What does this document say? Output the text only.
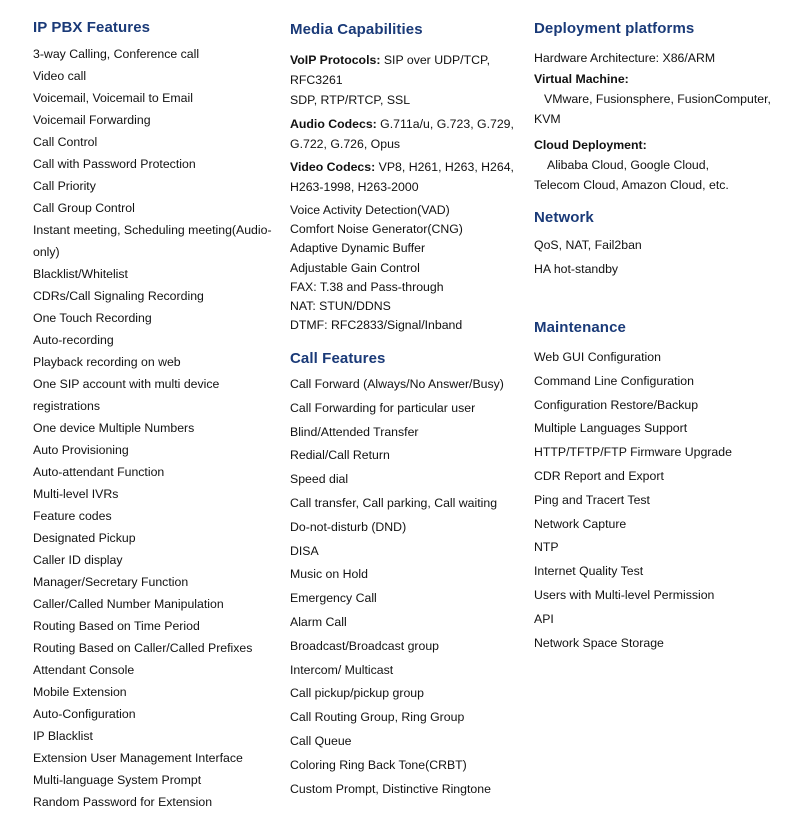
IP PBX Features
3-way Calling, Conference call
Video call
Voicemail, Voicemail to Email
Voicemail Forwarding
Call Control
Call with Password Protection
Call Priority
Call Group Control
Instant meeting, Scheduling meeting(Audio-
only)
Blacklist/Whitelist
CDRs/Call Signaling Recording
One Touch Recording
Auto-recording
Playback recording on web
One SIP account with multi device
registrations
One device Multiple Numbers
Auto Provisioning
Auto-attendant Function
Multi-level IVRs
Feature codes
Designated Pickup
Caller ID display
Manager/Secretary Function
Caller/Called Number Manipulation
Routing Based on Time Period
Routing Based on Caller/Called Prefixes
Attendant Console
Mobile Extension
Auto-Configuration
IP Blacklist
Extension User Management Interface
Multi-language System Prompt
Random Password for Extension
Media Capabilities
VoIP Protocols: SIP over UDP/TCP,
RFC3261
SDP, RTP/RTCP, SSL
Audio Codecs: G.711a/u, G.723, G.729,
G.722, G.726, Opus
Video Codecs: VP8, H261, H263, H264,
H263-1998, H263-2000
Voice Activity Detection(VAD)
Comfort Noise Generator(CNG)
Adaptive Dynamic Buffer
Adjustable Gain Control
FAX: T.38 and Pass-through
NAT: STUN/DDNS
DTMF: RFC2833/Signal/Inband
Call Features
Call Forward (Always/No Answer/Busy)
Call Forwarding for particular user
Blind/Attended Transfer
Redial/Call Return
Speed dial
Call transfer, Call parking, Call waiting
Do-not-disturb (DND)
DISA
Music on Hold
Emergency Call
Alarm Call
Broadcast/Broadcast group
Intercom/ Multicast
Call pickup/pickup group
Call Routing Group, Ring Group
Call Queue
Coloring Ring Back Tone(CRBT)
Custom Prompt, Distinctive Ringtone
Deployment platforms
Hardware Architecture: X86/ARM
Virtual Machine:
VMware, Fusionsphere, FusionComputer,
KVM
Cloud Deployment:
Alibaba Cloud, Google Cloud,
Telecom Cloud, Amazon Cloud, etc.
Network
QoS, NAT, Fail2ban
HA hot-standby
Maintenance
Web GUI Configuration
Command Line Configuration
Configuration Restore/Backup
Multiple Languages Support
HTTP/TFTP/FTP Firmware Upgrade
CDR Report and Export
Ping and Tracert Test
Network Capture
NTP
Internet Quality Test
Users with Multi-level Permission
API
Network Space Storage
